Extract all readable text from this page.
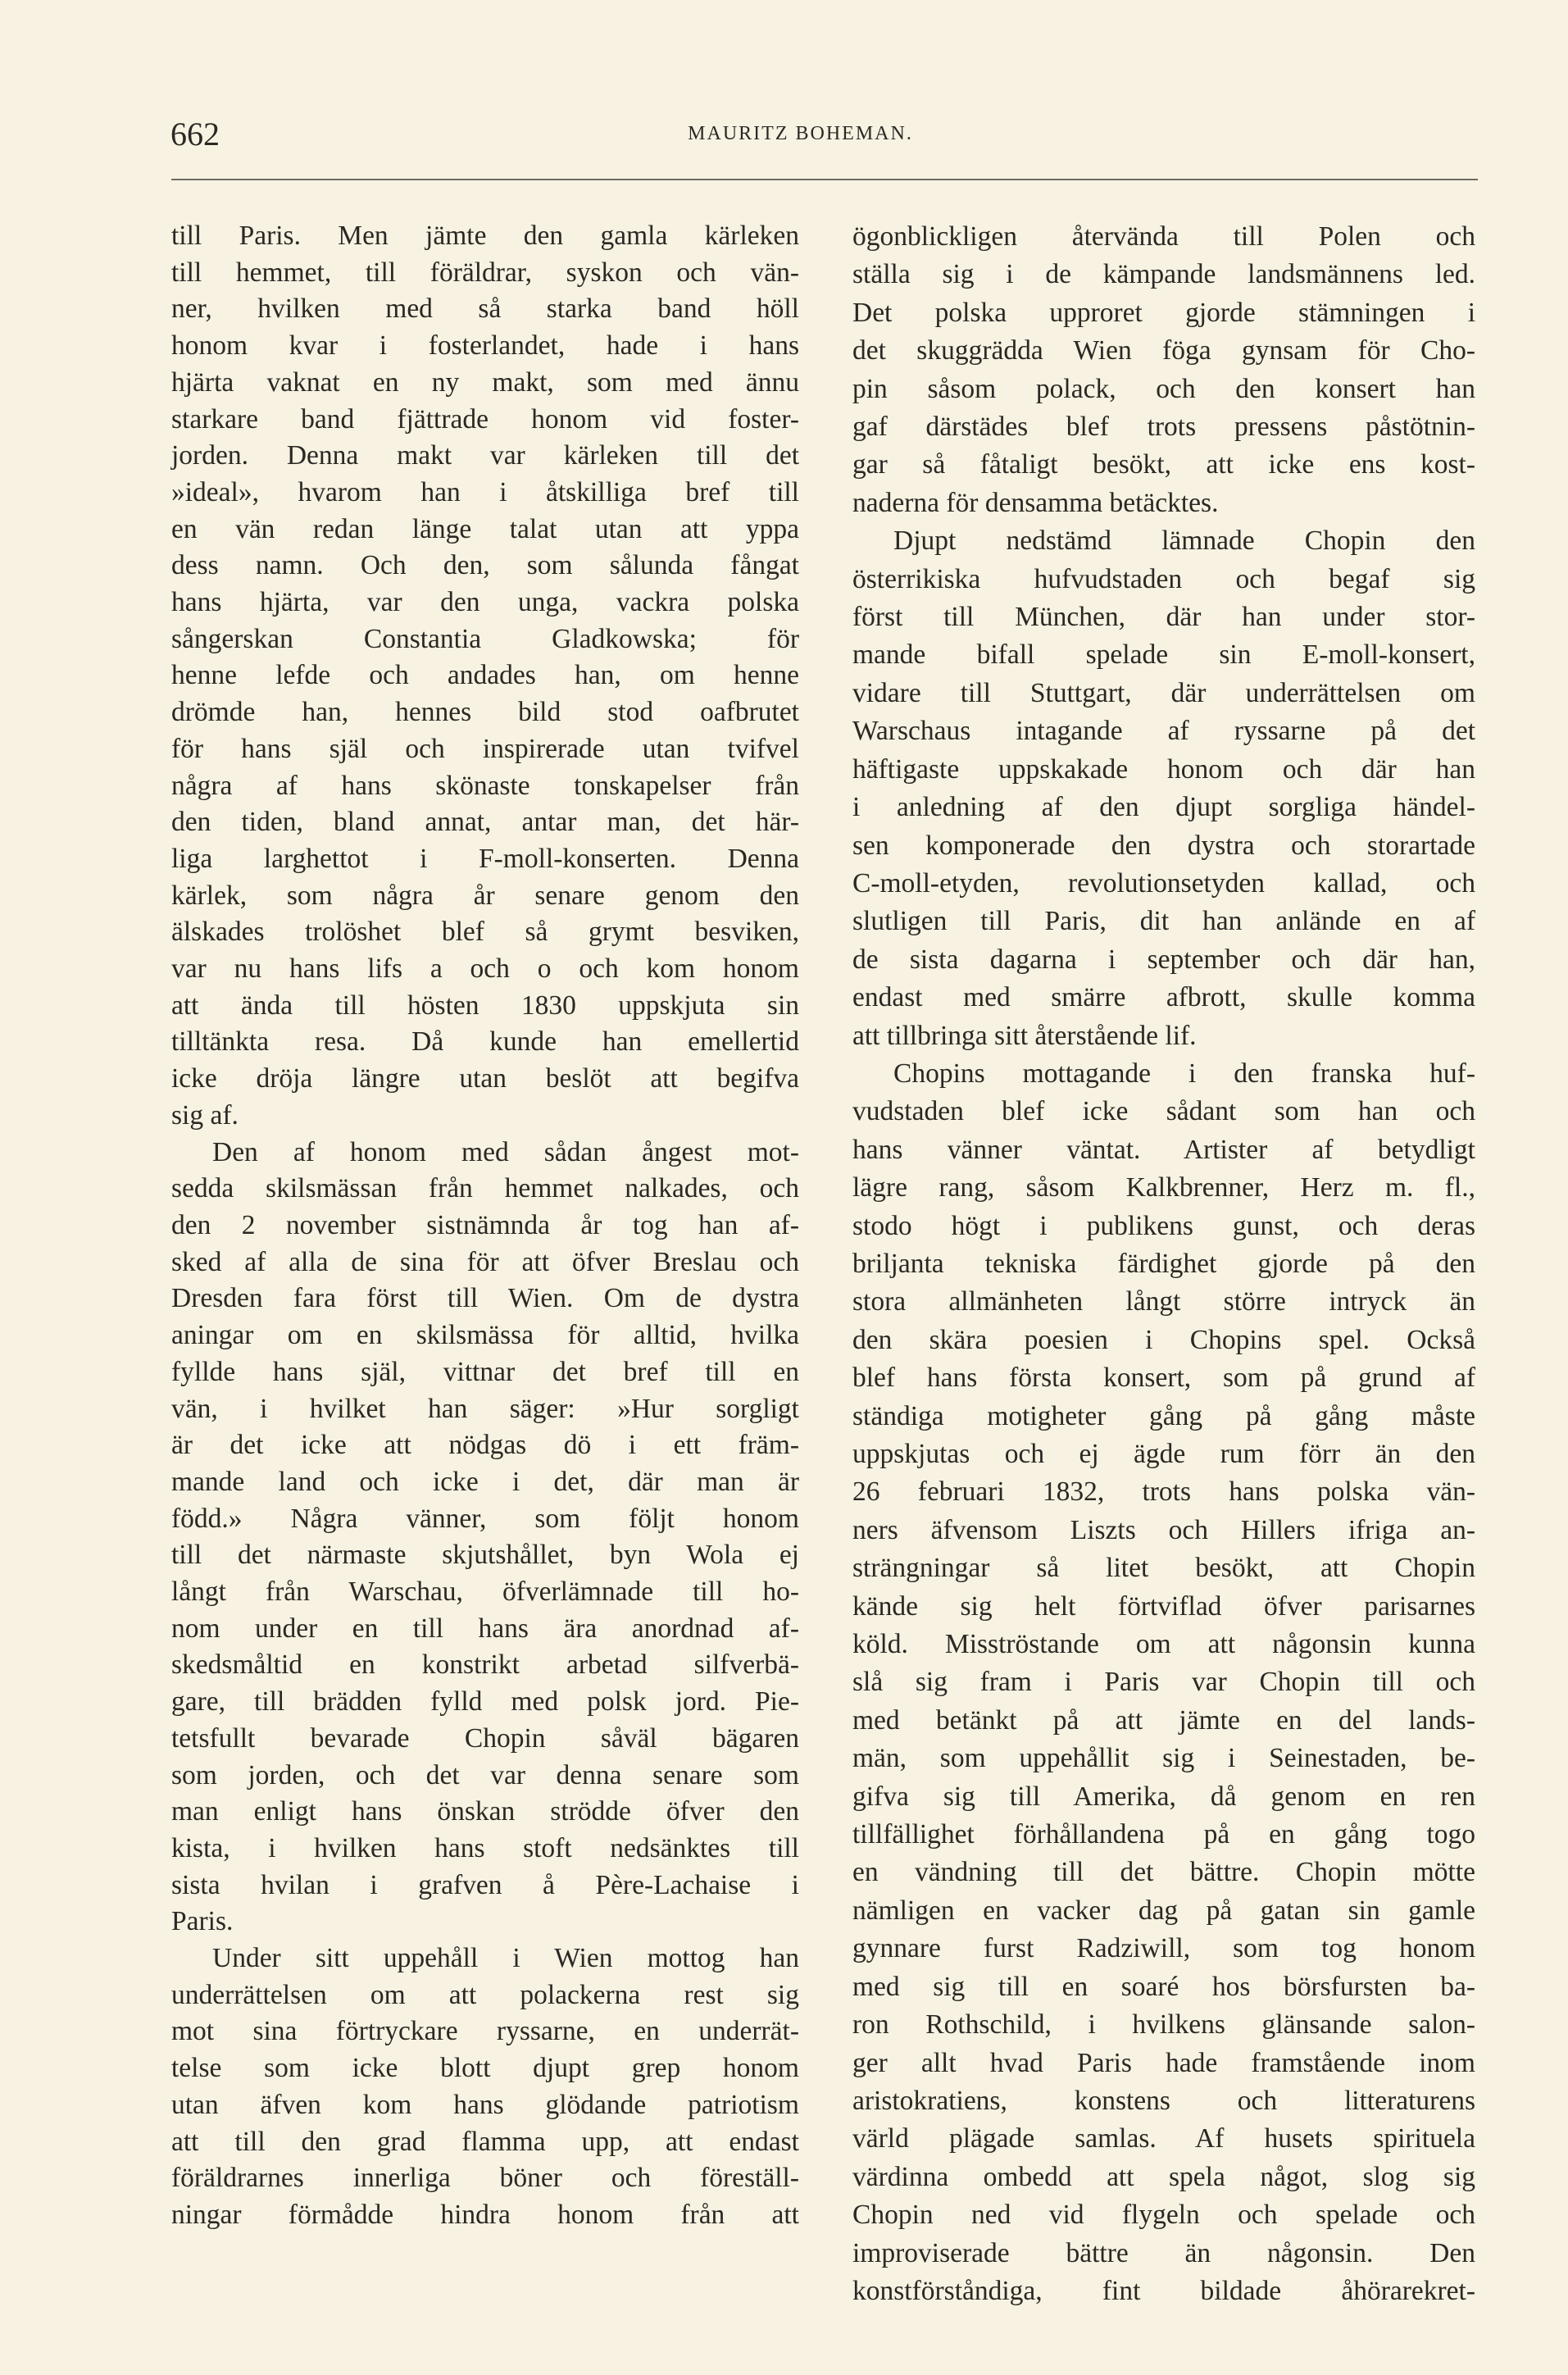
662	MAURITZ BOHEMAN.
till Paris. Men jämte den gamla kärleken
till hemmet, till föräldrar, syskon och vän-
ner, hvilken med så starka band höll
honom kvar i fosterlandet, hade i hans
hjärta vaknat en ny makt, som med ännu
starkare band fjättrade honom vid foster-
jorden. Denna makt var kärleken till det
»ideal», hvarom han i åtskilliga bref till
en vän redan länge talat utan att yppa
dess namn. Och den, som sålunda fångat
hans hjärta, var den unga, vackra polska
sångerskan Constantia Gladkowska; för
henne lefde och andades han, om henne
drömde han, hennes bild stod oafbrutet
för hans själ och inspirerade utan tvifvel
några af hans skönaste tonskapelser från
den tiden, bland annat, antar man, det här-
liga larghettot i F-moll-konserten. Denna
kärlek, som några år senare genom den
älskades trolöshet blef så grymt besviken,
var nu hans lifs a och o och kom honom
att ända till hösten 1830 uppskjuta sin
tilltänkta resa. Då kunde han emellertid
icke dröja längre utan beslöt att begifva
sig af.
Den af honom med sådan ångest mot-
sedda skilsmässan från hemmet nalkades, och
den 2 november sistnämnda år tog han af-
sked af alla de sina för att öfver Breslau och
Dresden fara först till Wien. Om de dystra
aningar om en skilsmässa för alltid, hvilka
fyllde hans själ, vittnar det bref till en
vän, i hvilket han säger: »Hur sorgligt
är det icke att nödgas dö i ett främ-
mande land och icke i det, där man är
född.» Några vänner, som följt honom
till det närmaste skjutshållet, byn Wola ej
långt från Warschau, öfverlämnade till ho-
nom under en till hans ära anordnad af-
skedsmåltid en konstrikt arbetad silfverbä-
gare, till brädden fylld med polsk jord. Pie-
tetsfullt bevarade Chopin såväl bägaren
som jorden, och det var denna senare som
man enligt hans önskan strödde öfver den
kista, i hvilken hans stoft nedsänktes till
sista hvilan i grafven å Père-Lachaise i
Paris.
Under sitt uppehåll i Wien mottog han
underrättelsen om att polackerna rest sig
mot sina förtryckare ryssarne, en underrät-
telse som icke blott djupt grep honom
utan äfven kom hans glödande patriotism
att till den grad flamma upp, att endast
föräldrarnes innerliga böner och föreställ-
ningar förmådde hindra honom från att
ögonblickligen återvända till Polen och
ställa sig i de kämpande landsmännens led.
Det polska upproret gjorde stämningen i
det skuggrädda Wien föga gynsam för Cho-
pin såsom polack, och den konsert han
gaf därstädes blef trots pressens påstötnin-
gar så fåtaligt besökt, att icke ens kost-
naderna för densamma betäcktes.
Djupt nedstämd lämnade Chopin den
österrikiska hufvudstaden och begaf sig
först till München, där han under stor-
mande bifall spelade sin E-moll-konsert,
vidare till Stuttgart, där underrättelsen om
Warschaus intagande af ryssarne på det
häftigaste uppskakade honom och där han
i anledning af den djupt sorgliga händel-
sen komponerade den dystra och storartade
C-moll-etyden, revolutionsetyden kallad, och
slutligen till Paris, dit han anlände en af
de sista dagarna i september och där han,
endast med smärre afbrott, skulle komma
att tillbringa sitt återstående lif.
Chopins mottagande i den franska huf-
vudstaden blef icke sådant som han och
hans vänner väntat. Artister af betydligt
lägre rang, såsom Kalkbrenner, Herz m. fl.,
stodo högt i publikens gunst, och deras
briljanta tekniska färdighet gjorde på den
stora allmänheten långt större intryck än
den skära poesien i Chopins spel. Också
blef hans första konsert, som på grund af
ständiga motigheter gång på gång måste
uppskjutas och ej ägde rum förr än den
26 februari 1832, trots hans polska vän-
ners äfvensom Liszts och Hillers ifriga an-
strängningar så litet besökt, att Chopin
kände sig helt förtviflad öfver parisarnes
köld. Misströstande om att någonsin kunna
slå sig fram i Paris var Chopin till och
med betänkt på att jämte en del lands-
män, som uppehållit sig i Seinestaden, be-
gifva sig till Amerika, då genom en ren
tillfällighet förhållandena på en gång togo
en vändning till det bättre. Chopin mötte
nämligen en vacker dag på gatan sin gamle
gynnare furst Radziwill, som tog honom
med sig till en soaré hos börsfursten ba-
ron Rothschild, i hvilkens glänsande salon-
ger allt hvad Paris hade framstående inom
aristokratiens, konstens och litteraturens
värld plägade samlas. Af husets spirituela
värdinna ombedd att spela något, slog sig
Chopin ned vid flygeln och spelade och
improviserade bättre än någonsin. Den
konstförståndiga, fint bildade åhörarekret-
